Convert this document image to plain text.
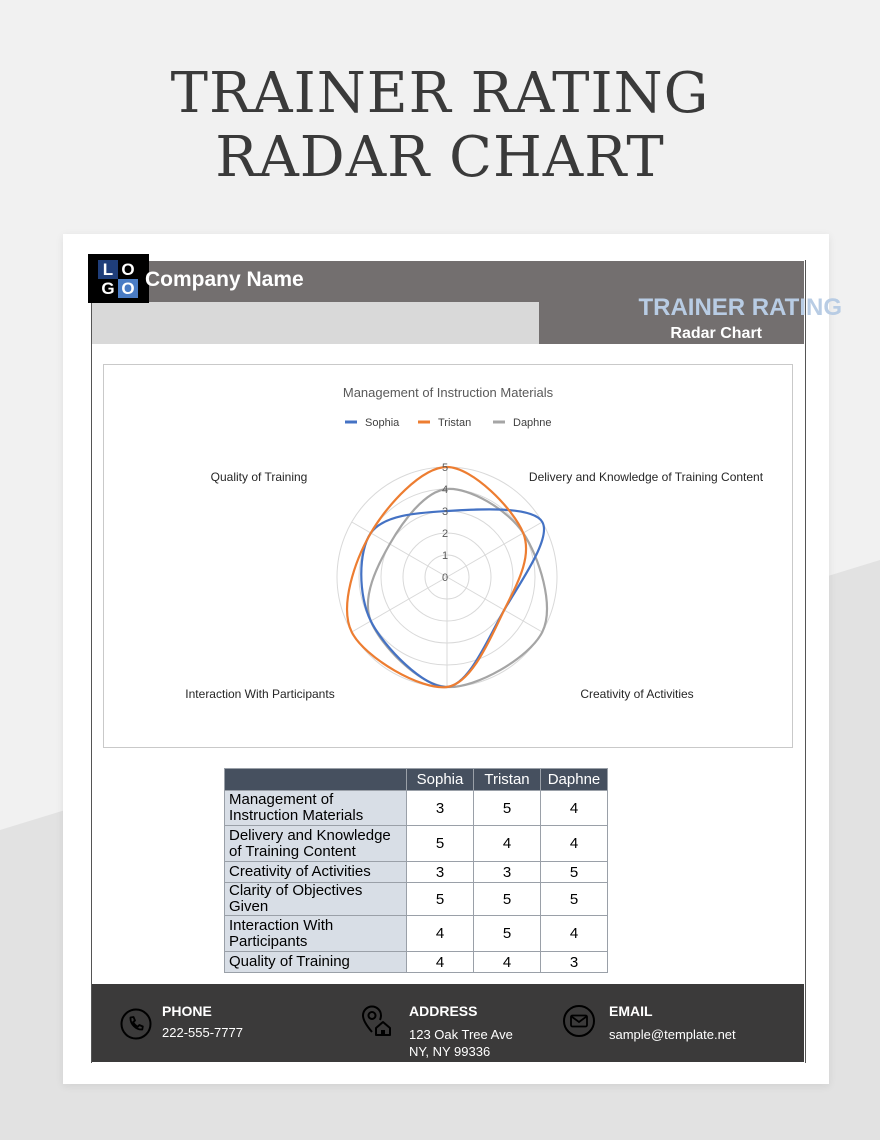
TRAINER RATING
RADAR CHART
L O
G O Company Name
TRAINER RATING
Radar Chart
Management of Instruction Materials
Sophia	Tristan	Daphne
0
1
2
3
4
5
Delivery and Knowledge of Training Content
Creativity of Activities
Interaction With Participants
Quality of Training
	Sophia	Tristan	Daphne
Management of Instruction Materials	3	5	4
Delivery and Knowledge of Training Content	5	4	4
Creativity of Activities	3	3	5
Clarity of Objectives Given	5	5	5
Interaction With Participants	4	5	4
Quality of Training	4	4	3
PHONE
222-555-7777
ADDRESS
123 Oak Tree Ave
NY, NY 99336
EMAIL
sample@template.net
